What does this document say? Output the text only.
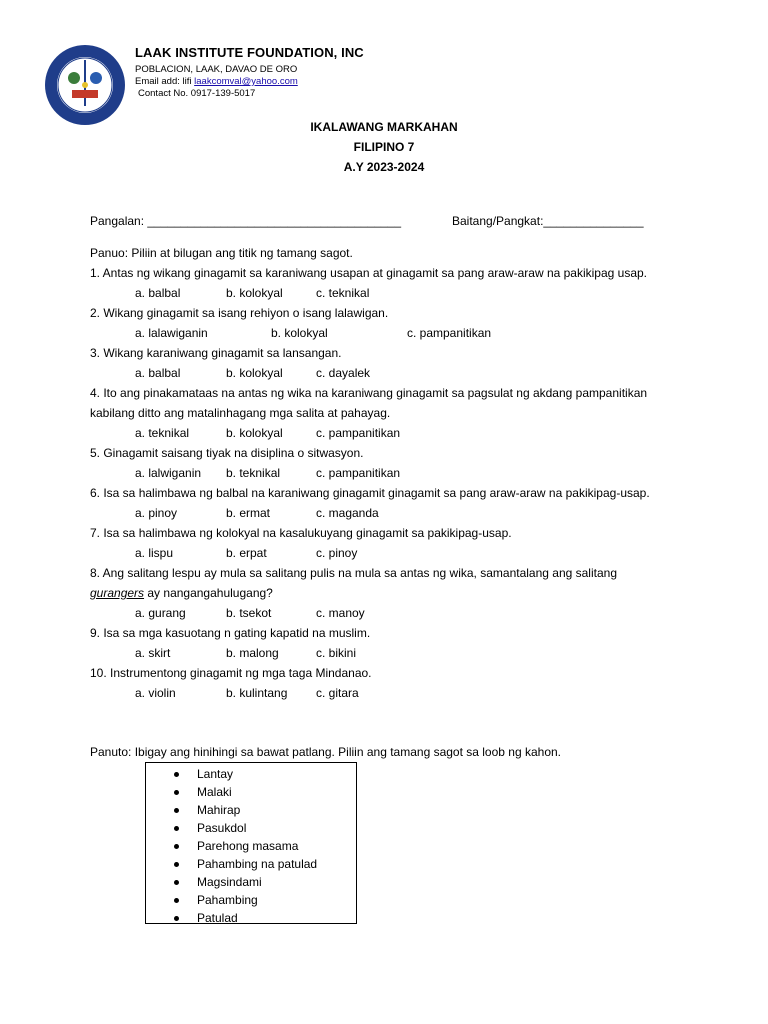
LAAK INSTITUTE FOUNDATION, INC
POBLACION, LAAK, DAVAO DE ORO
Email add: lifi laakcomval@yahoo.com
Contact No. 0917-139-5017
IKALAWANG MARKAHAN
FILIPINO 7
A.Y 2023-2024
Pangalan: ______________________________________	Baitang/Pangkat:_______________
Panuo: Piliin at bilugan ang titik ng tamang sagot.
1. Antas ng wikang ginagamit sa karaniwang usapan at ginagamit sa pang araw-araw na pakikipag usap.
a. balbal	b. kolokyal	c. teknikal
2. Wikang ginagamit sa isang rehiyon o isang lalawigan.
a. lalawiganin	b. kolokyal	c. pampanitikan
3. Wikang karaniwang ginagamit sa lansangan.
a. balbal	b. kolokyal	c. dayalek
4. Ito ang pinakamataas na antas ng wika na karaniwang ginagamit sa pagsulat ng akdang pampanitikan
kabilang ditto ang matalinhagang mga salita at pahayag.
a. teknikal	b. kolokyal	c. pampanitikan
5. Ginagamit saisang tiyak na disiplina o sitwasyon.
a. lalwiganin b. teknikal	c. pampanitikan
6. Isa sa halimbawa ng balbal na karaniwang ginagamit ginagamit sa pang araw-araw na pakikipag-usap.
a. pinoy	b. ermat	c. maganda
7. Isa sa halimbawa ng kolokyal na kasalukuyang ginagamit sa pakikipag-usap.
a. lispu	b. erpat	c. pinoy
8. Ang salitang lespu ay mula sa salitang pulis na mula sa antas ng wika, samantalang ang salitang
gurangers ay nangangahulugang?
a. gurang	b. tsekot	c. manoy
9. Isa sa mga kasuotang n gating kapatid na muslim.
a. skirt	b. malong	c. bikini
10. Instrumentong ginagamit ng mga taga Mindanao.
a. violin	b. kulintang c. gitara
Panuto: Ibigay ang hinihingi sa bawat patlang. Piliin ang tamang sagot sa loob ng kahon.
Lantay
Malaki
Mahirap
Pasukdol
Parehong masama
Pahambing na patulad
Magsindami
Pahambing
Patulad
